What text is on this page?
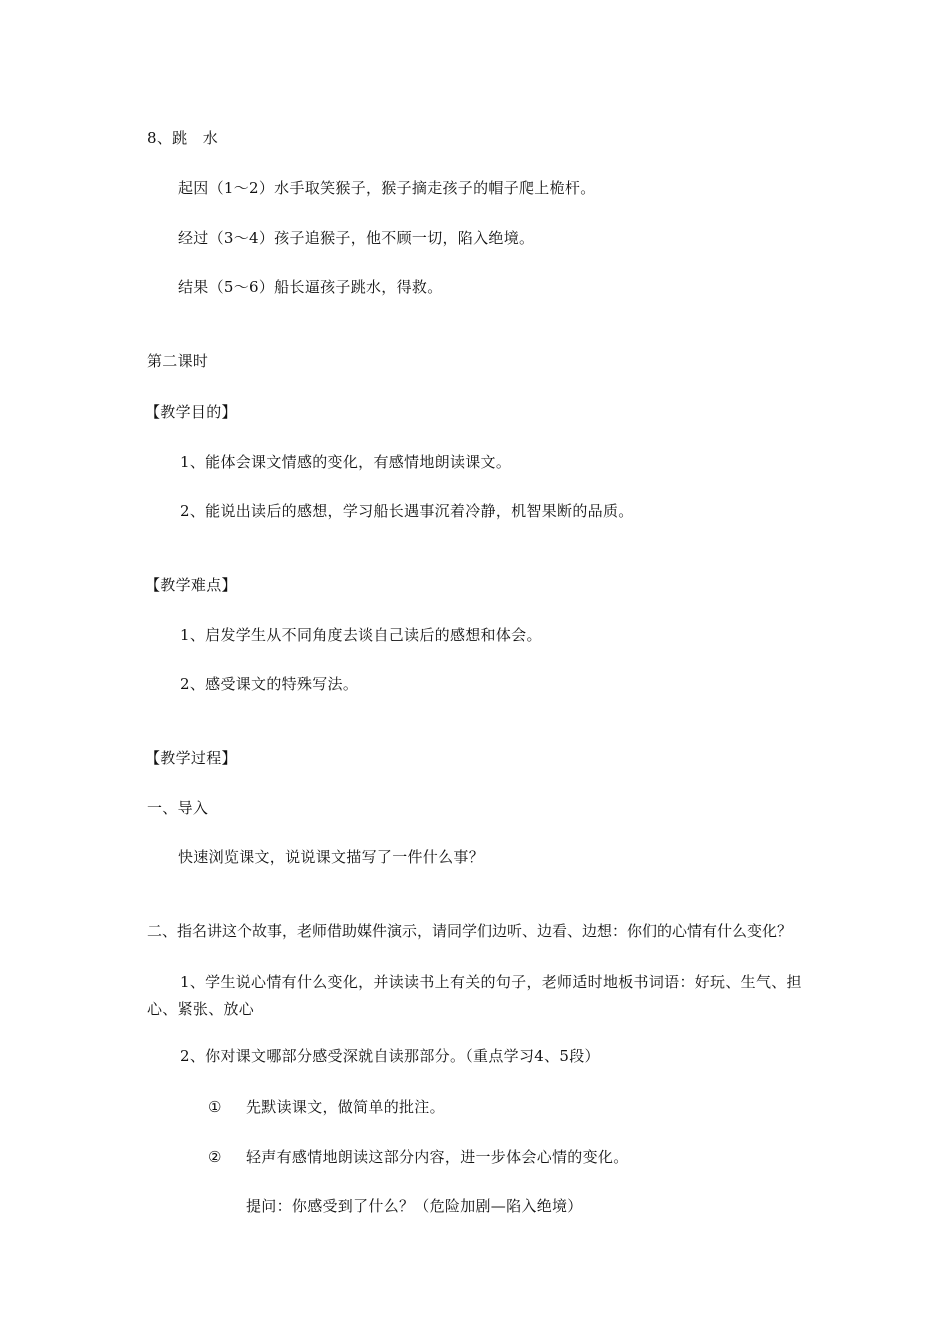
8、跳　水
起因（1～2）水手取笑猴子，猴子摘走孩子的帽子爬上桅杆。
经过（3～4）孩子追猴子，他不顾一切，陷入绝境。
结果（5～6）船长逼孩子跳水，得救。
第二课时
【教学目的】
1、能体会课文情感的变化，有感情地朗读课文。
2、能说出读后的感想，学习船长遇事沉着冷静，机智果断的品质。
【教学难点】
1、启发学生从不同角度去谈自己读后的感想和体会。
2、感受课文的特殊写法。
【教学过程】
一、导入
快速浏览课文，说说课文描写了一件什么事？
二、指名讲这个故事，老师借助媒件演示，请同学们边听、边看、边想：你们的心情有什么变化？
1、学生说心情有什么变化，并读读书上有关的句子，老师适时地板书词语：好玩、生气、担心、紧张、放心
2、你对课文哪部分感受深就自读那部分。（重点学习4、5段）
① 先默读课文，做简单的批注。
② 轻声有感情地朗读这部分内容，进一步体会心情的变化。
提问：你感受到了什么？（危险加剧—陷入绝境）
